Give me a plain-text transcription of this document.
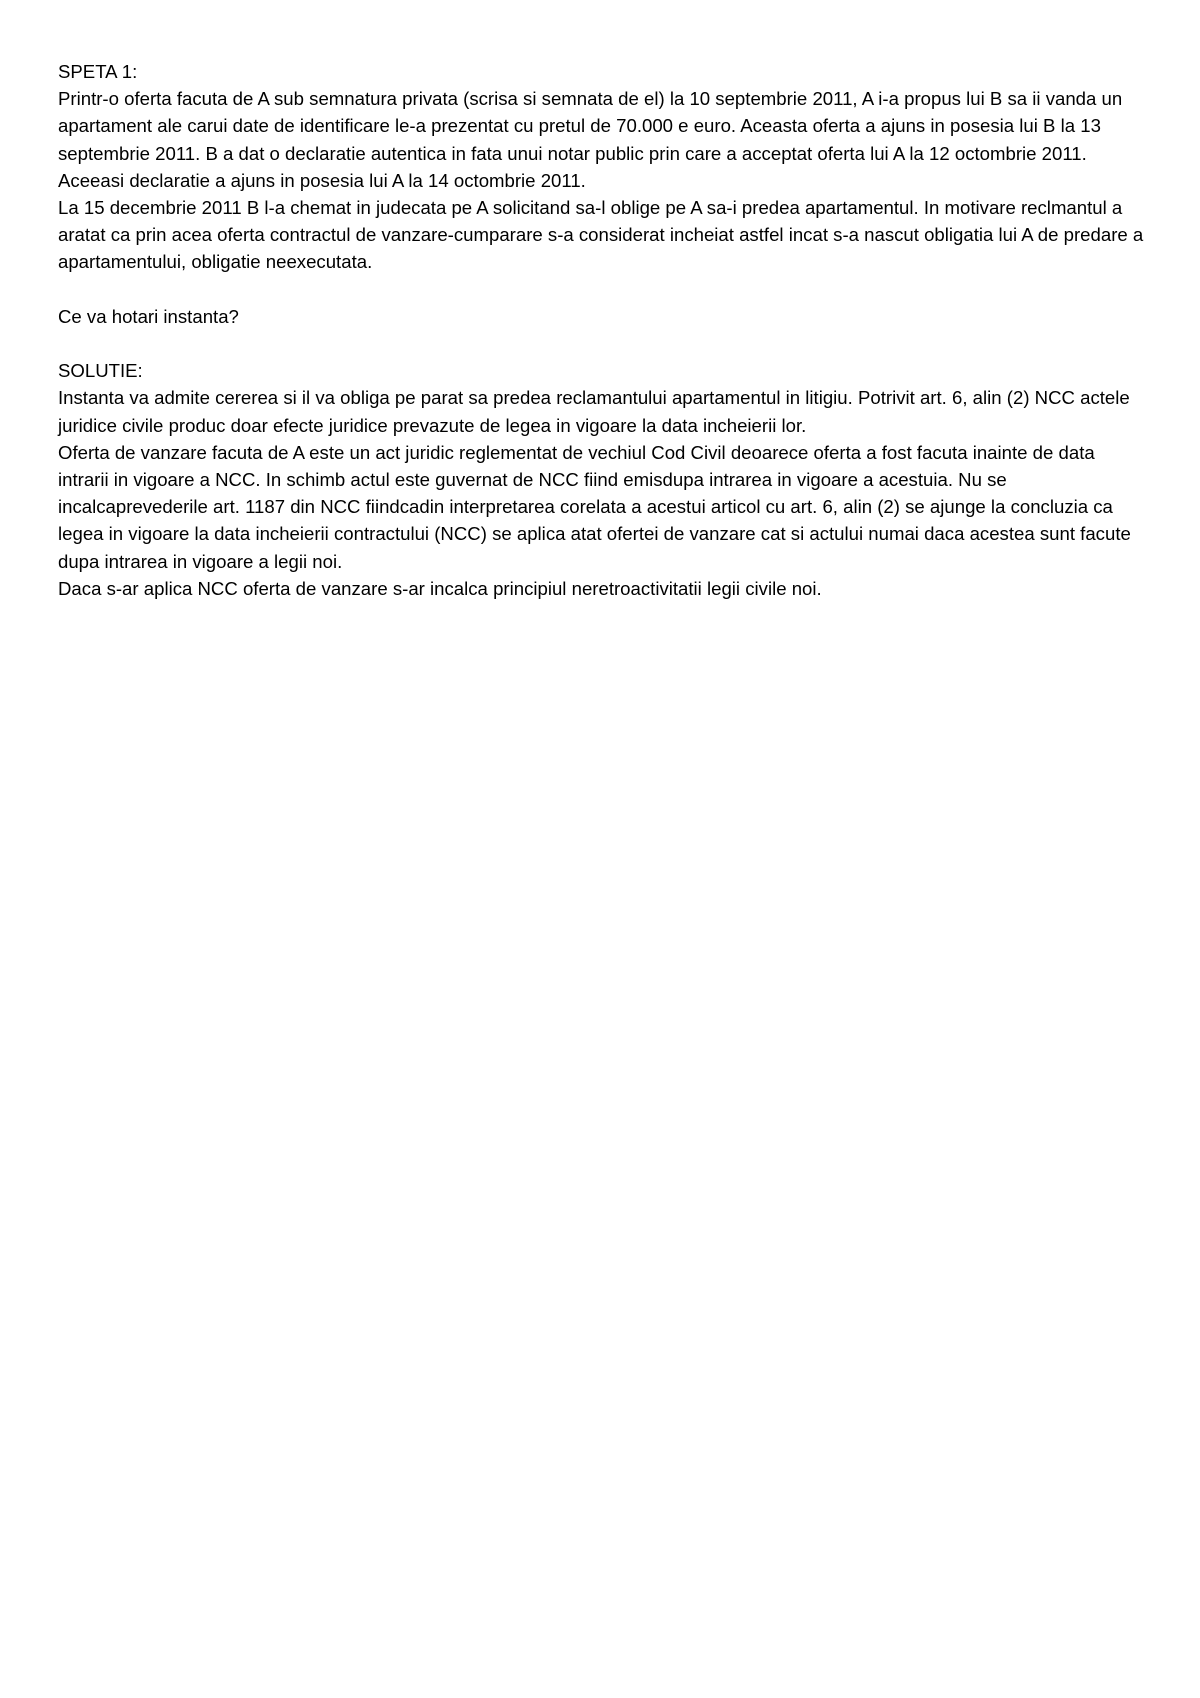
SPETA 1:

Printr-o oferta facuta de A sub semnatura privata (scrisa si semnata de el) la 10 septembrie 2011, A i-a propus lui B sa ii vanda un apartament ale carui date de identificare le-a prezentat cu pretul de 70.000 e euro. Aceasta oferta a ajuns in posesia lui B la 13 septembrie 2011. B a dat o declaratie autentica in fata unui notar public prin care a acceptat oferta lui A la 12 octombrie 2011. Aceeasi declaratie a ajuns in posesia lui A la 14 octombrie 2011.

La 15 decembrie 2011 B l-a chemat in judecata pe A solicitand sa-l oblige pe A sa-i predea apartamentul. In motivare reclmantul a aratat ca prin acea oferta contractul de vanzare-cumparare s-a considerat incheiat astfel incat s-a nascut obligatia lui A de predare a apartamentului, obligatie neexecutata.

Ce va hotari instanta?

SOLUTIE:

Instanta va admite cererea si il va obliga pe parat sa predea reclamantului apartamentul in litigiu. Potrivit art. 6, alin (2) NCC actele juridice civile produc doar efecte juridice prevazute de legea in vigoare la data incheierii lor.

Oferta de vanzare facuta de A este un act juridic reglementat de vechiul Cod Civil deoarece oferta a fost facuta inainte de data intrarii in vigoare a NCC. In schimb actul este guvernat de NCC fiind emisdupa intrarea in vigoare a acestuia. Nu se incalcaprevederile art. 1187 din NCC fiindcadin interpretarea corelata a acestui articol cu art. 6, alin (2) se ajunge la concluzia ca legea in vigoare la data incheierii contractului (NCC) se aplica atat ofertei de vanzare cat si actului numai daca acestea sunt facute dupa intrarea in vigoare a legii noi.

Daca s-ar aplica NCC oferta de vanzare s-ar incalca principiul neretroactivitatii legii civile noi.
